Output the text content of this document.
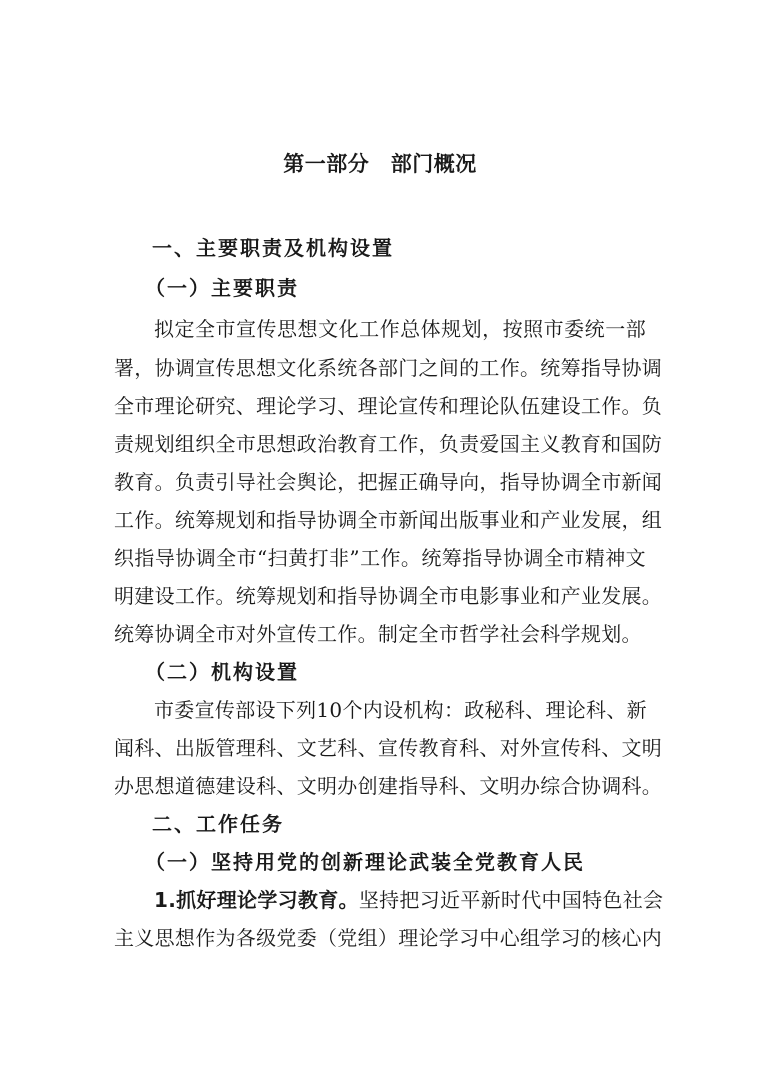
第一部分　部门概况
一、主要职责及机构设置
（一）主要职责
拟定全市宣传思想文化工作总体规划，按照市委统一部
署，协调宣传思想文化系统各部门之间的工作。统筹指导协调
全市理论研究、理论学习、理论宣传和理论队伍建设工作。负
责规划组织全市思想政治教育工作，负责爱国主义教育和国防
教育。负责引导社会舆论，把握正确导向，指导协调全市新闻
工作。统筹规划和指导协调全市新闻出版事业和产业发展，组
织指导协调全市“扫黄打非”工作。统筹指导协调全市精神文
明建设工作。统筹规划和指导协调全市电影事业和产业发展。
统筹协调全市对外宣传工作。制定全市哲学社会科学规划。
（二）机构设置
市委宣传部设下列10个内设机构：政秘科、理论科、新
闻科、出版管理科、文艺科、宣传教育科、对外宣传科、文明
办思想道德建设科、文明办创建指导科、文明办综合协调科。
二、工作任务
（一）坚持用党的创新理论武装全党教育人民
1.抓好理论学习教育。坚持把习近平新时代中国特色社会
主义思想作为各级党委（党组）理论学习中心组学习的核心内
